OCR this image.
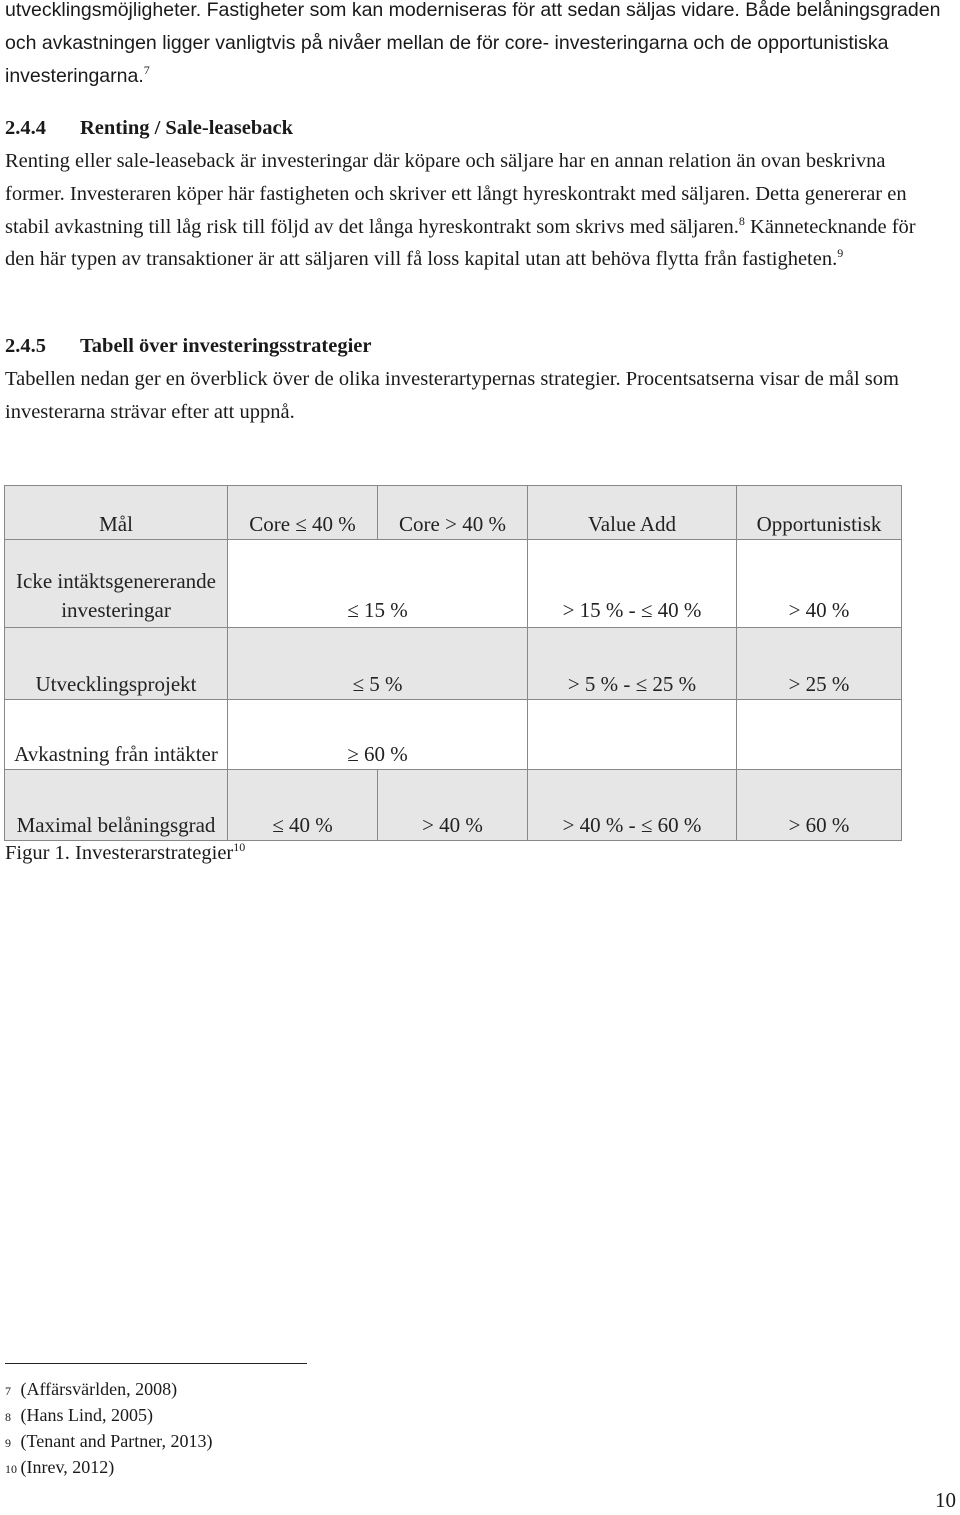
utvecklingsmöjligheter. Fastigheter som kan moderniseras för att sedan säljas vidare. Både belåningsgraden och avkastningen ligger vanligtvis på nivåer mellan de för core- investeringarna och de opportunistiska investeringarna.$^7$
2.4.4 Renting / Sale-leaseback
Renting eller sale-leaseback är investeringar där köpare och säljare har en annan relation än ovan beskrivna former. Investeraren köper här fastigheten och skriver ett långt hyreskontrakt med säljaren. Detta genererar en stabil avkastning till låg risk till följd av det långa hyreskontrakt som skrivs med säljaren.$^8$ Kännetecknande för den här typen av transaktioner är att säljaren vill få loss kapital utan att behöva flytta från fastigheten.$^9$
2.4.5 Tabell över investeringsstrategier
Tabellen nedan ger en överblick över de olika investerartypernas strategier. Procentsatserna visar de mål som investerarna strävar efter att uppnå.
Mål	Core ≤ 40 %	Core > 40 %	Value Add	Opportunistisk
Icke intäktsgenererande investeringar	≤ 15 %		> 15 % - ≤ 40 %	> 40 %
Utvecklingsprojekt	≤ 5 %		> 5 % - ≤ 25 %	> 25 %
Avkastning från intäkter	≥ 60 %			
Maximal belåningsgrad	≤ 40 %	> 40 %	> 40 % - ≤ 60 %	> 60 %
Figur 1. Investerarstrategier$^{10}$
7 (Affärsvärlden, 2008)
8 (Hans Lind, 2005)
9 (Tenant and Partner, 2013)
10 (Inrev, 2012)
10
